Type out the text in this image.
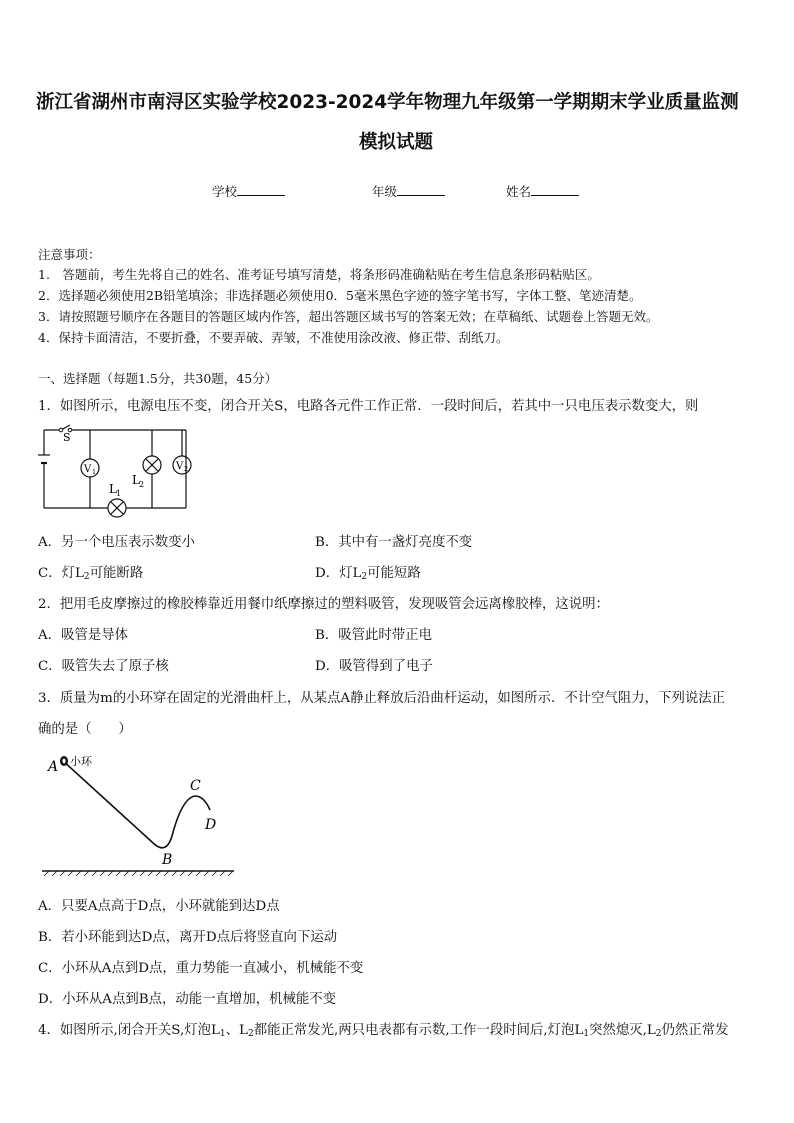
浙江省湖州市南浔区实验学校2023-2024学年物理九年级第一学期期末学业质量监测
模拟试题
学校	年级	姓名
注意事项：
1.　答题前，考生先将自己的姓名、准考证号填写清楚，将条形码准确粘贴在考生信息条形码粘贴区。
2．选择题必须使用2B铅笔填涂；非选择题必须使用0．5毫米黑色字迹的签字笔书写，字体工整、笔迹清楚。
3．请按照题号顺序在各题目的答题区域内作答，超出答题区域书写的答案无效；在草稿纸、试题卷上答题无效。
4．保持卡面清洁，不要折叠，不要弄破、弄皱，不准使用涂改液、修正带、刮纸刀。
一、选择题（每题1.5分，共30题，45分）
1．如图所示，电源电压不变，闭合开关S，电路各元件工作正常．一段时间后，若其中一只电压表示数变大，则
S
V 1	V 2
L 1
L 2
A．另一个电压表示数变小	B．其中有一盏灯亮度不变
C．灯$L_2$可能断路	D．灯$L_2$可能短路
2．把用毛皮摩擦过的橡胶棒靠近用餐巾纸摩擦过的塑料吸管，发现吸管会远离橡胶棒，这说明：
A．吸管是导体	B．吸管此时带正电
C．吸管失去了原子核	D．吸管得到了电子
3．质量为m的小环穿在固定的光滑曲杆上，从某点A静止释放后沿曲杆运动，如图所示．不计空气阻力，下列说法正
确的是（　　）
A 小环
B
C
D
A．只要A点高于D点，小环就能到达D点
B．若小环能到达D点，离开D点后将竖直向下运动
C．小环从A点到D点，重力势能一直减小，机械能不变
D．小环从A点到B点，动能一直增加，机械能不变
4．如图所示,闭合开关S,灯泡$L_1$、$L_2$都能正常发光,两只电表都有示数,工作一段时间后,灯泡$L_1$突然熄灭$,L_2$仍然正常发
